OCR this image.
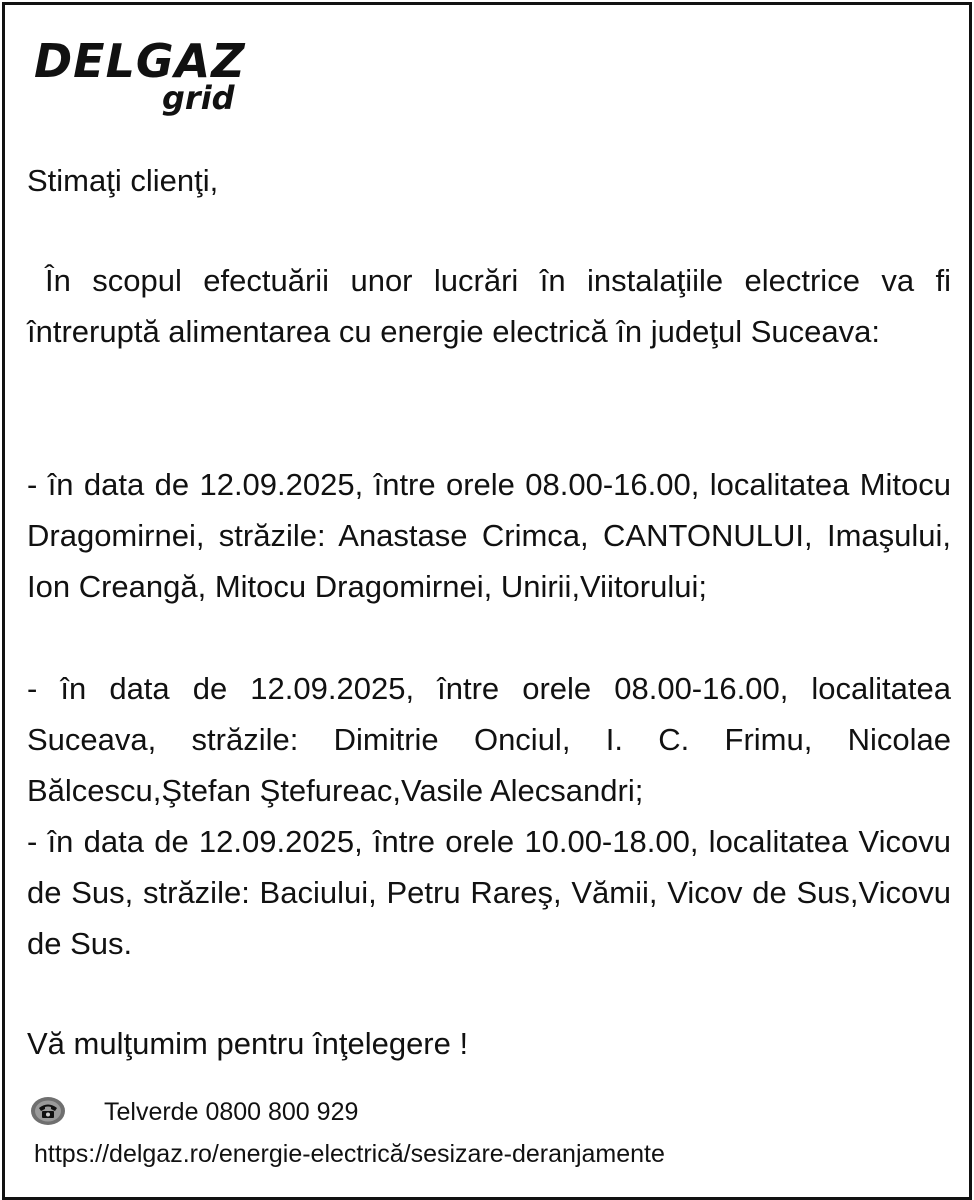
DELGAZ
grid

Stimaţi clienţi,

În scopul efectuării unor lucrări în instalaţiile electrice va fi întreruptă alimentarea cu energie electrică în judeţul Suceava:

- în data de 12.09.2025, între orele 08.00-16.00, localitatea Mitocu Dragomirnei, străzile: Anastase Crimca, CANTONULUI, Imaşului, Ion Creangă, Mitocu Dragomirnei, Unirii,Viitorului;

- în data de 12.09.2025, între orele 08.00-16.00, localitatea Suceava, străzile: Dimitrie Onciul, I. C. Frimu, Nicolae Bălcescu,Ştefan Ştefureac,Vasile Alecsandri;

- în data de 12.09.2025, între orele 10.00-18.00, localitatea Vicovu de Sus, străzile: Baciului, Petru Rareş, Vămii, Vicov de Sus,Vicovu de Sus.

Vă mulţumim pentru înţelegere !

Telverde 0800 800 929
https://delgaz.ro/energie-electrică/sesizare-deranjamente
